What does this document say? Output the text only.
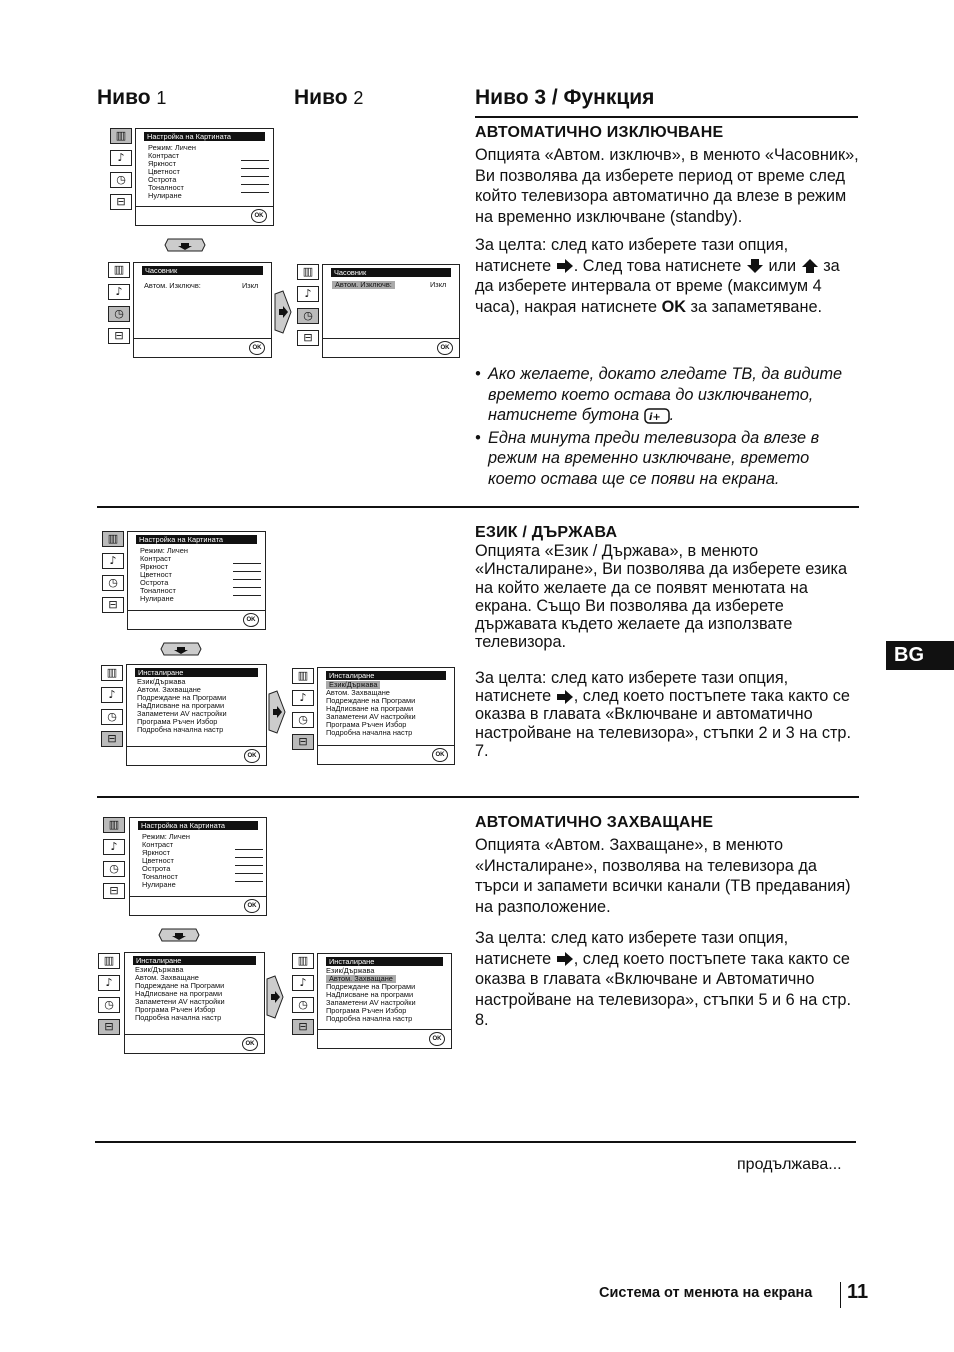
Ниво 1	Ниво 2	Ниво 3 / Функция
▥
♪
◷
⊟
Настройка на Картината
Режим: Личен
Контраст
Яркност
Цветност
Острота
Тоналност
Нулиране
OK
▥
♪
◷
⊟
Часовник
Автом. Изключв:	Изкл
OK
▥
♪
◷
⊟
Часовник
Автом. Изключв:	Изкл
OK
АВТОМАТИЧНО ИЗКЛЮЧВАНЕ

Опцията «Автом. изключв», в менюто «Часовник», Ви позволява да изберете период от време след който телевизора автоматично да влезе в режим на временно изключване (standby).

За целта: след като изберете тази опция, натиснете . След това натиснете или за да изберете интервала от време (максимум 4 часа), накрая натиснете OK за запаметяване.

• Ако желаете, докато гледате ТВ, да видите времето което остава до изключването, натиснете бутона i+ .
• Една минута преди телевизора да влезе в режим на временно изключване, времето което остава ще се появи на екрана.
▥
♪
◷
⊟
Настройка на Картината
Режим: Личен
Контраст
Яркност
Цветност
Острота
Тоналност
Нулиране
OK
▥
♪
◷
⊟
Инсталиране
Език/Държава
Автом. Захващане
Подреждане на Програми
НаДписване на програми
Запаметени AV настройки
Програма Ръчен Избор
Подробна начална настр
OK
▥
♪
◷
⊟
Инсталиране
Език/Държава
Автом. Захващане
Подреждане на Програми
НаДписване на програми
Запаметени AV настройки
Програма Ръчен Избор
Подробна начална настр
OK
ЕЗИК / ДЪРЖАВА

Опцията «Език / Държава», в менюто «Инсталиране», Ви позволява да изберете езика на който желаете да се появят менютата на екрана. Също Ви позволява да изберете държавата където желаете да използвате телевизора.

За целта: след като изберете тази опция, натиснете , след което постъпете така както се оказва в главата «Включване и автоматично настройване на телевизора», стъпки 2 и 3 на стр. 7.

BG
▥
♪
◷
⊟
Настройка на Картината
Режим: Личен
Контраст
Яркност
Цветност
Острота
Тоналност
Нулиране
OK
▥
♪
◷
⊟
Инсталиране
Език/Държава
Автом. Захващане
Подреждане на Програми
НаДписване на програми
Запаметени AV настройки
Програма Ръчен Избор
Подробна начална настр
OK
▥
♪
◷
⊟
Инсталиране
Език/Държава
Автом. Захващане
Подреждане на Програми
НаДписване на програми
Запаметени AV настройки
Програма Ръчен Избор
Подробна начална настр
OK
АВТОМАТИЧНО ЗАХВАЩАНЕ

Опцията «Автом. Захващане», в менюто «Инсталиране», позволява на телевизора да търси и запамети всички канали (ТВ предавания) на разположение.

За целта: след като изберете тази опция, натиснете , след което постъпете така както се оказва в главата «Включване и Автоматично настройване на телевизора», стъпки 5 и 6 на стр. 8.

продължава...
Система от менюта на екрана 11
